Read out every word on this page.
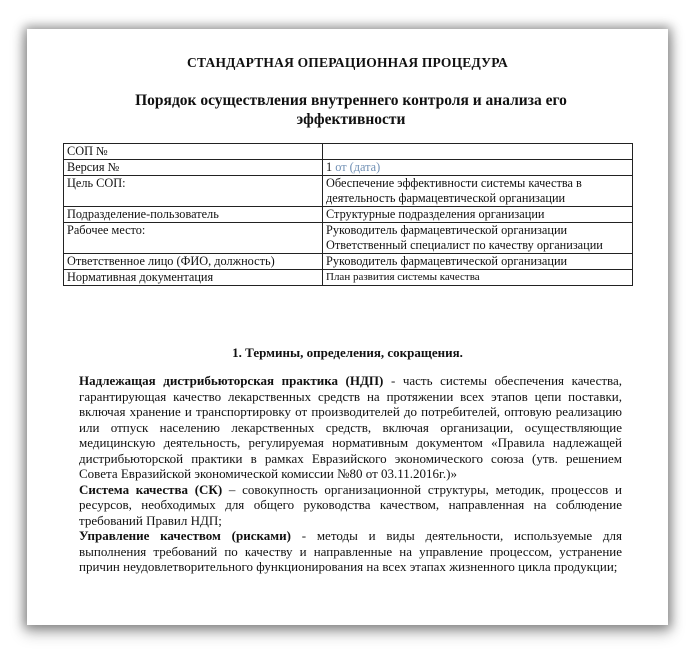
СТАНДАРТНАЯ ОПЕРАЦИОННАЯ ПРОЦЕДУРА
Порядок осуществления внутреннего контроля и анализа его эффективности
СОП №	
Версия №	1 от (дата)
Цель СОП:	Обеспечение эффективности системы качества в деятельность фармацевтической организации
Подразделение-пользователь	Структурные подразделения организации
Рабочее место:	Руководитель фармацевтической организации
Ответственный специалист по качеству организации

Ответственное лицо (ФИО, должность)	Руководитель фармацевтической организации
Нормативная документация	План развития системы качества
1. Термины, определения, сокращения.

Надлежащая дистрибьюторская практика (НДП) - часть системы обеспечения качества, гарантирующая качество лекарственных средств на протяжении всех этапов цепи поставки, включая хранение и транспортировку от производителей до потребителей, оптовую реализацию или отпуск населению лекарственных средств, включая организации, осуществляющие медицинскую деятельность, регулируемая нормативным документом «Правила надлежащей дистрибьюторской практики в рамках Евразийского экономического союза (утв. решением Совета Евразийской экономической комиссии №80 от 03.11.2016г.)»

Система качества (СК) – совокупность организационной структуры, методик, процессов и ресурсов, необходимых для общего руководства качеством, направленная на соблюдение требований Правил НДП;

Управление качеством (рисками) - методы и виды деятельности, используемые для выполнения требований по качеству и направленные на управление процессом, устранение причин неудовлетворительного функционирования на всех этапах жизненного цикла продукции;
